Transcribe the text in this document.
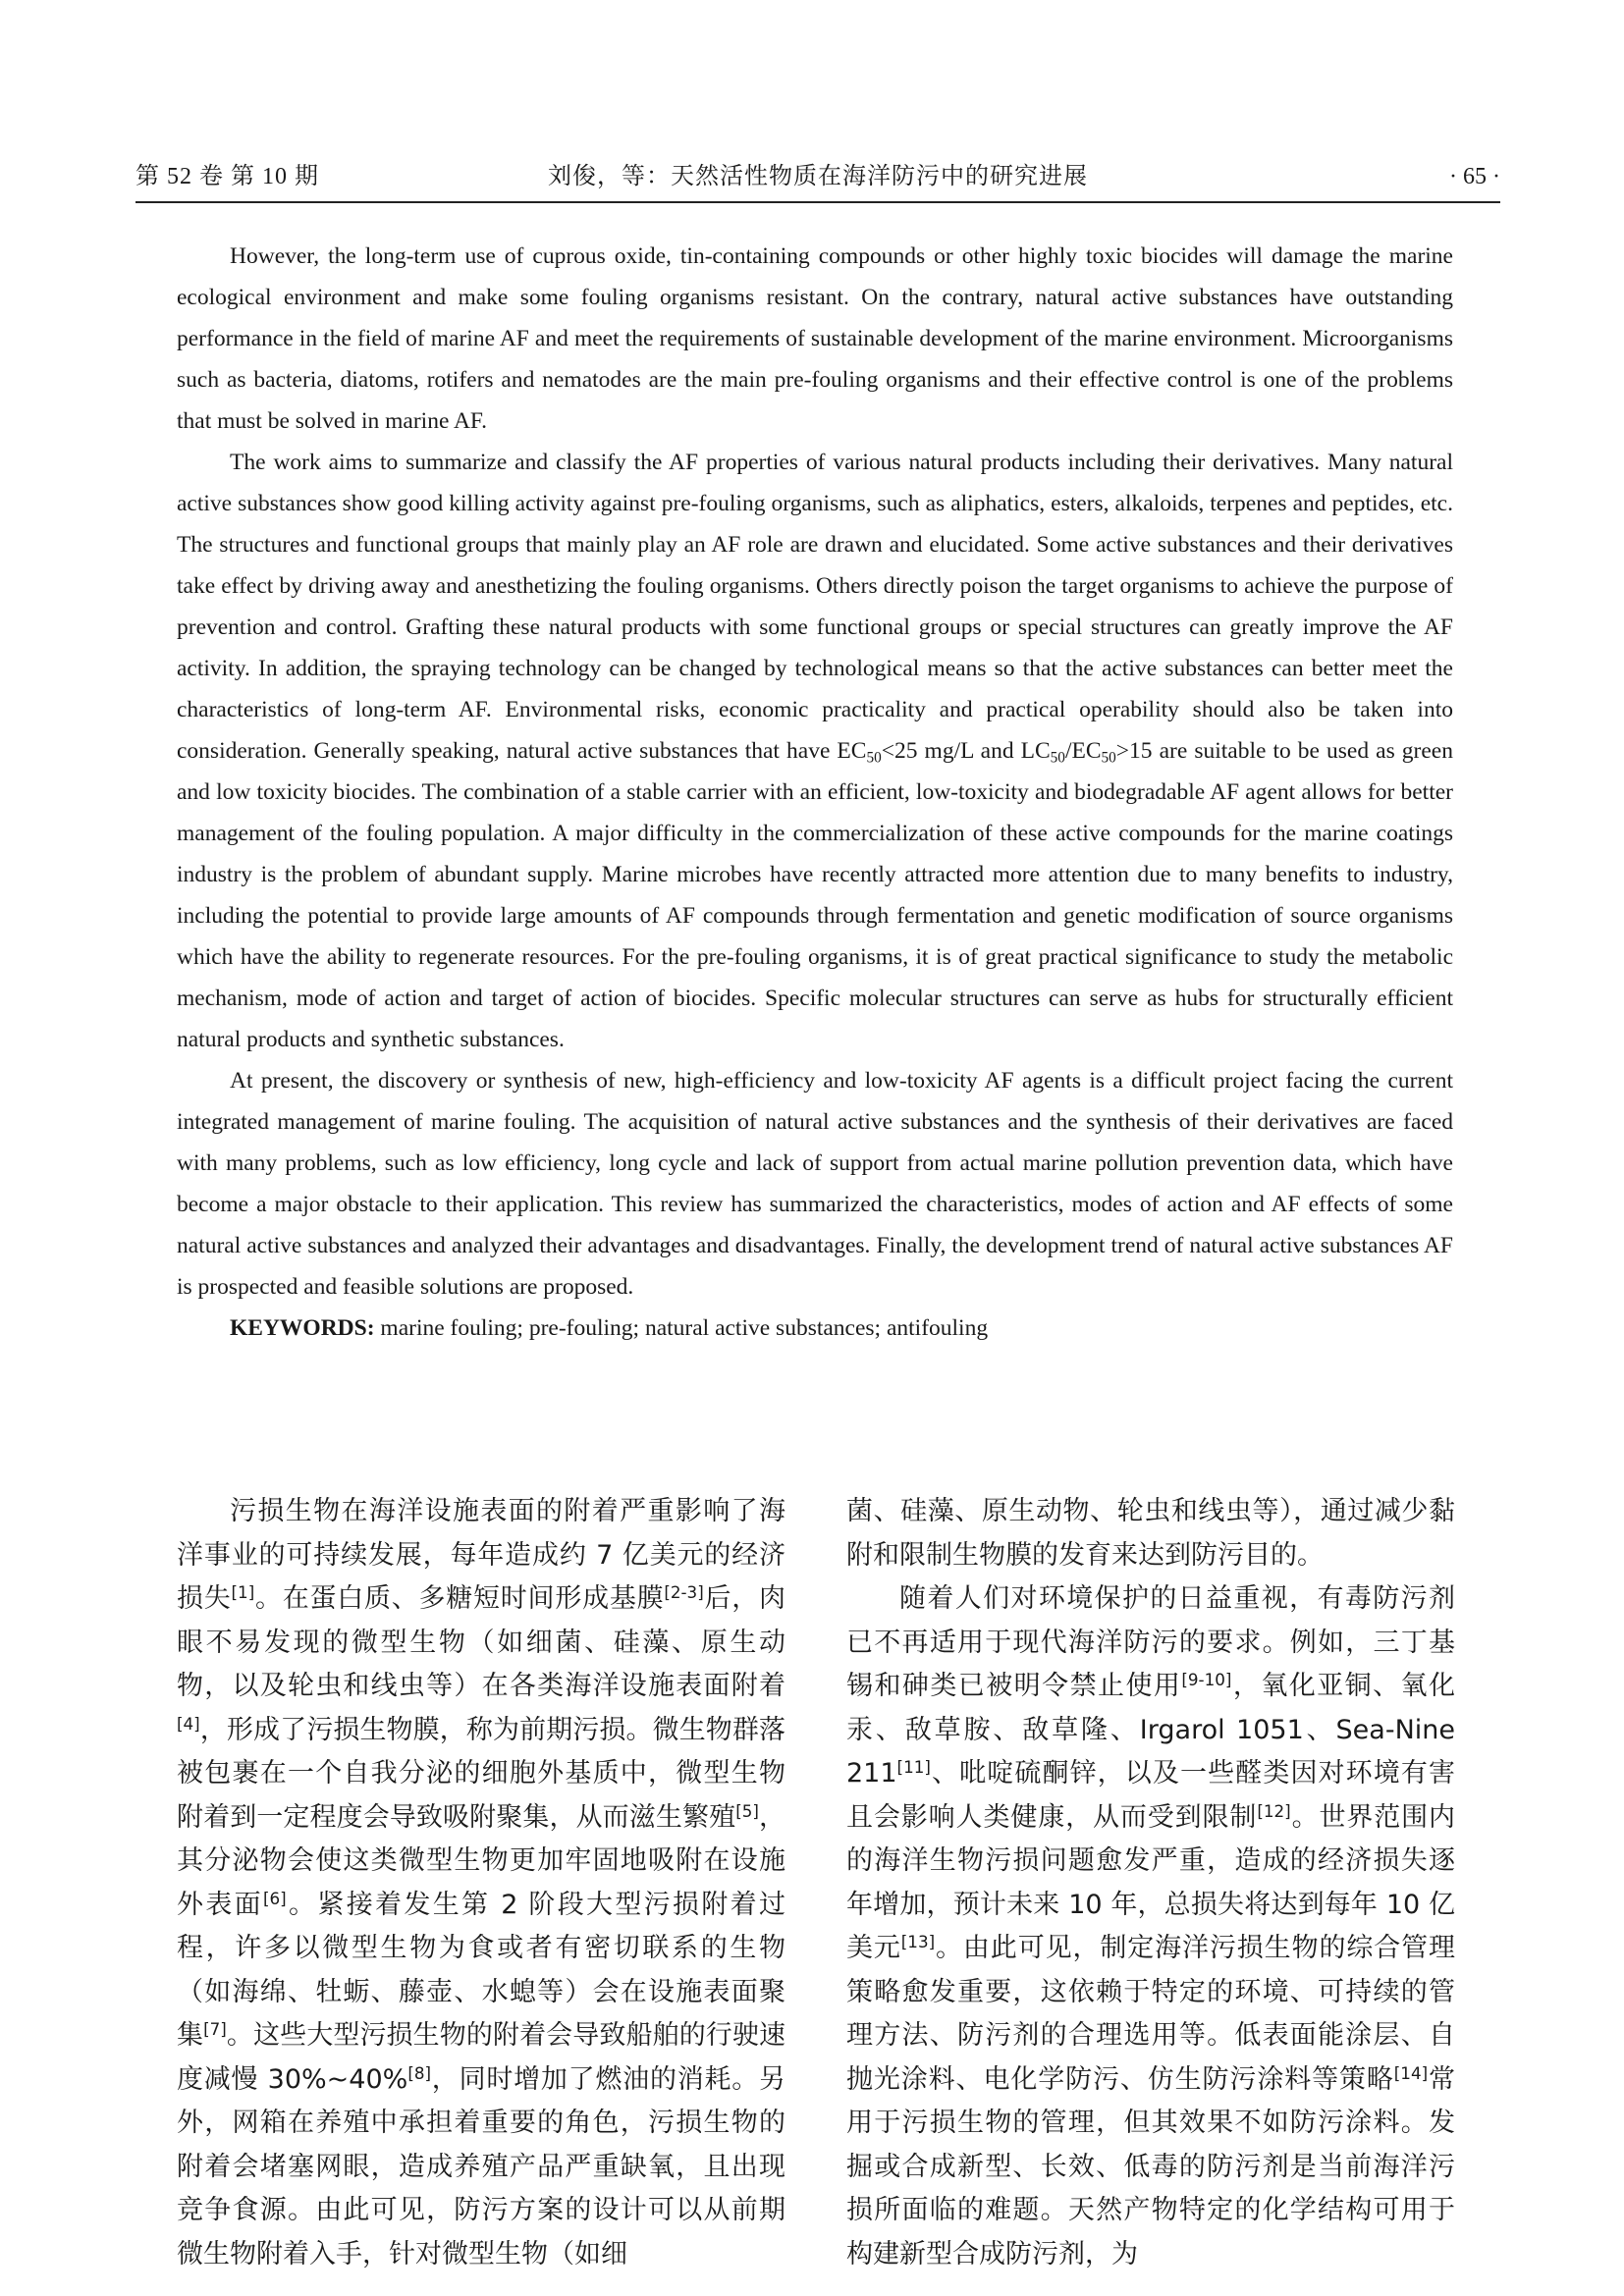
第 52 卷 第 10 期	刘俊，等：天然活性物质在海洋防污中的研究进展	· 65 ·

However, the long-term use of cuprous oxide, tin-containing compounds or other highly toxic biocides will damage the marine ecological environment and make some fouling organisms resistant. On the contrary, natural active substances have outstanding performance in the field of marine AF and meet the requirements of sustainable development of the marine environment. Microorganisms such as bacteria, diatoms, rotifers and nematodes are the main pre-fouling organisms and their effective control is one of the problems that must be solved in marine AF.

The work aims to summarize and classify the AF properties of various natural products including their derivatives. Many natural active substances show good killing activity against pre-fouling organisms, such as aliphatics, esters, alkaloids, terpenes and peptides, etc. The structures and functional groups that mainly play an AF role are drawn and elucidated. Some active substances and their derivatives take effect by driving away and anesthetizing the fouling organisms. Others directly poison the target organisms to achieve the purpose of prevention and control. Grafting these natural products with some functional groups or special structures can greatly improve the AF activity. In addition, the spraying technology can be changed by technological means so that the active substances can better meet the characteristics of long-term AF. Environmental risks, economic practicality and practical operability should also be taken into consideration. Generally speaking, natural active substances that have $EC_{50}<25$ mg/L and $LC_{50}/EC_{50}>15$ are suitable to be used as green and low toxicity biocides. The combination of a stable carrier with an efficient, low-toxicity and biodegradable AF agent allows for better management of the fouling population. A major difficulty in the commercialization of these active compounds for the marine coatings industry is the problem of abundant supply. Marine microbes have recently attracted more attention due to many benefits to industry, including the potential to provide large amounts of AF compounds through fermentation and genetic modification of source organisms which have the ability to regenerate resources. For the pre-fouling organisms, it is of great practical significance to study the metabolic mechanism, mode of action and target of action of biocides. Specific molecular structures can serve as hubs for structurally efficient natural products and synthetic substances.

At present, the discovery or synthesis of new, high-efficiency and low-toxicity AF agents is a difficult project facing the current integrated management of marine fouling. The acquisition of natural active substances and the synthesis of their derivatives are faced with many problems, such as low efficiency, long cycle and lack of support from actual marine pollution prevention data, which have become a major obstacle to their application. This review has summarized the characteristics, modes of action and AF effects of some natural active substances and analyzed their advantages and disadvantages. Finally, the development trend of natural active substances AF is prospected and feasible solutions are proposed.

KEYWORDS: marine fouling; pre-fouling; natural active substances; antifouling

污损生物在海洋设施表面的附着严重影响了海洋事业的可持续发展，每年造成约 7 亿美元的经济损失[1]。在蛋白质、多糖短时间形成基膜[2-3]后，肉眼不易发现的微型生物（如细菌、硅藻、原生动物，以及轮虫和线虫等）在各类海洋设施表面附着[4]，形成了污损生物膜，称为前期污损。微生物群落被包裹在一个自我分泌的细胞外基质中，微型生物附着到一定程度会导致吸附聚集，从而滋生繁殖[5]，其分泌物会使这类微型生物更加牢固地吸附在设施外表面[6]。紧接着发生第 2 阶段大型污损附着过程，许多以微型生物为食或者有密切联系的生物（如海绵、牡蛎、藤壶、水螅等）会在设施表面聚集[7]。这些大型污损生物的附着会导致船舶的行驶速度减慢 30%~40%[8]，同时增加了燃油的消耗。另外，网箱在养殖中承担着重要的角色，污损生物的附着会堵塞网眼，造成养殖产品严重缺氧，且出现竞争食源。由此可见，防污方案的设计可以从前期微生物附着入手，针对微型生物（如细

菌、硅藻、原生动物、轮虫和线虫等），通过减少黏附和限制生物膜的发育来达到防污目的。

随着人们对环境保护的日益重视，有毒防污剂已不再适用于现代海洋防污的要求。例如，三丁基锡和砷类已被明令禁止使用[9-10]，氧化亚铜、氧化汞、敌草胺、敌草隆、Irgarol 1051、Sea-Nine 211[11]、吡啶硫酮锌，以及一些醛类因对环境有害且会影响人类健康，从而受到限制[12]。世界范围内的海洋生物污损问题愈发严重，造成的经济损失逐年增加，预计未来 10 年，总损失将达到每年 10 亿美元[13]。由此可见，制定海洋污损生物的综合管理策略愈发重要，这依赖于特定的环境、可持续的管理方法、防污剂的合理选用等。低表面能涂层、自抛光涂料、电化学防污、仿生防污涂料等策略[14]常用于污损生物的管理，但其效果不如防污涂料。发掘或合成新型、长效、低毒的防污剂是当前海洋污损所面临的难题。天然产物特定的化学结构可用于构建新型合成防污剂，为
